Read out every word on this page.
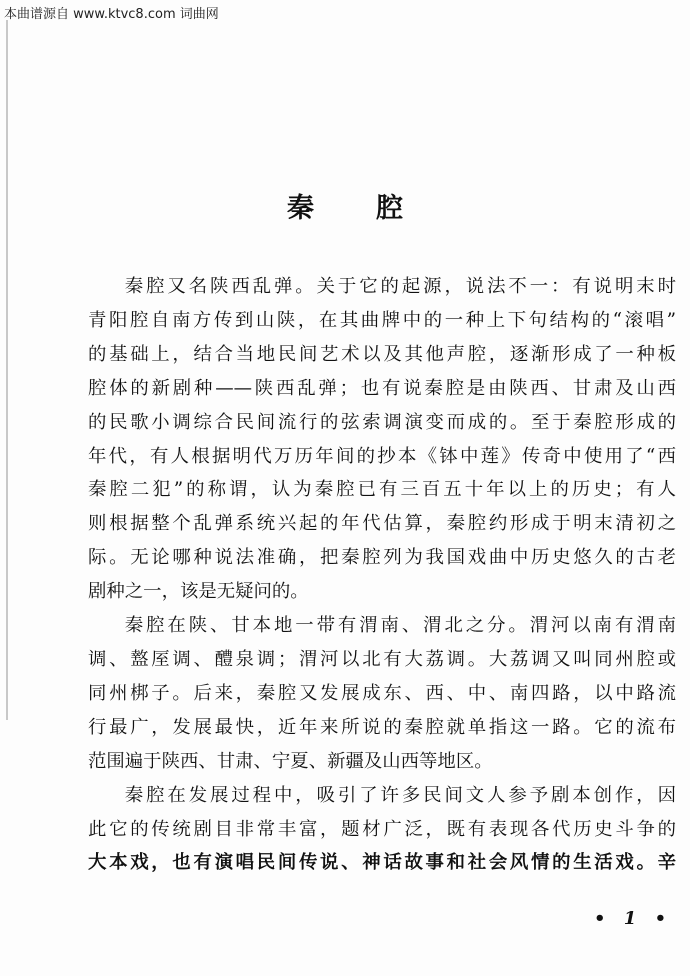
本曲谱源自 www.ktvc8.com 词曲网
秦 腔
秦腔又名陕西乱弹。关于它的起源，说法不一：有说明末时
青阳腔自南方传到山陕，在其曲牌中的一种上下句结构的“滚唱”
的基础上，结合当地民间艺术以及其他声腔，逐渐形成了一种板
腔体的新剧种——陕西乱弹；也有说秦腔是由陕西、甘肃及山西
的民歌小调综合民间流行的弦索调演变而成的。至于秦腔形成的
年代，有人根据明代万历年间的抄本《钵中莲》传奇中使用了“西
秦腔二犯”的称谓，认为秦腔已有三百五十年以上的历史；有人
则根据整个乱弹系统兴起的年代估算，秦腔约形成于明末清初之
际。无论哪种说法准确，把秦腔列为我国戏曲中历史悠久的古老
剧种之一，该是无疑问的。
秦腔在陕、甘本地一带有渭南、渭北之分。渭河以南有渭南
调、盩厔调、醴泉调；渭河以北有大荔调。大荔调又叫同州腔或
同州梆子。后来，秦腔又发展成东、西、中、南四路，以中路流
行最广，发展最快，近年来所说的秦腔就单指这一路。它的流布
范围遍于陕西、甘肃、宁夏、新疆及山西等地区。
秦腔在发展过程中，吸引了许多民间文人参予剧本创作，因
此它的传统剧目非常丰富，题材广泛，既有表现各代历史斗争的
大本戏，也有演唱民间传说、神话故事和社会风情的生活戏。辛
• 1 •
